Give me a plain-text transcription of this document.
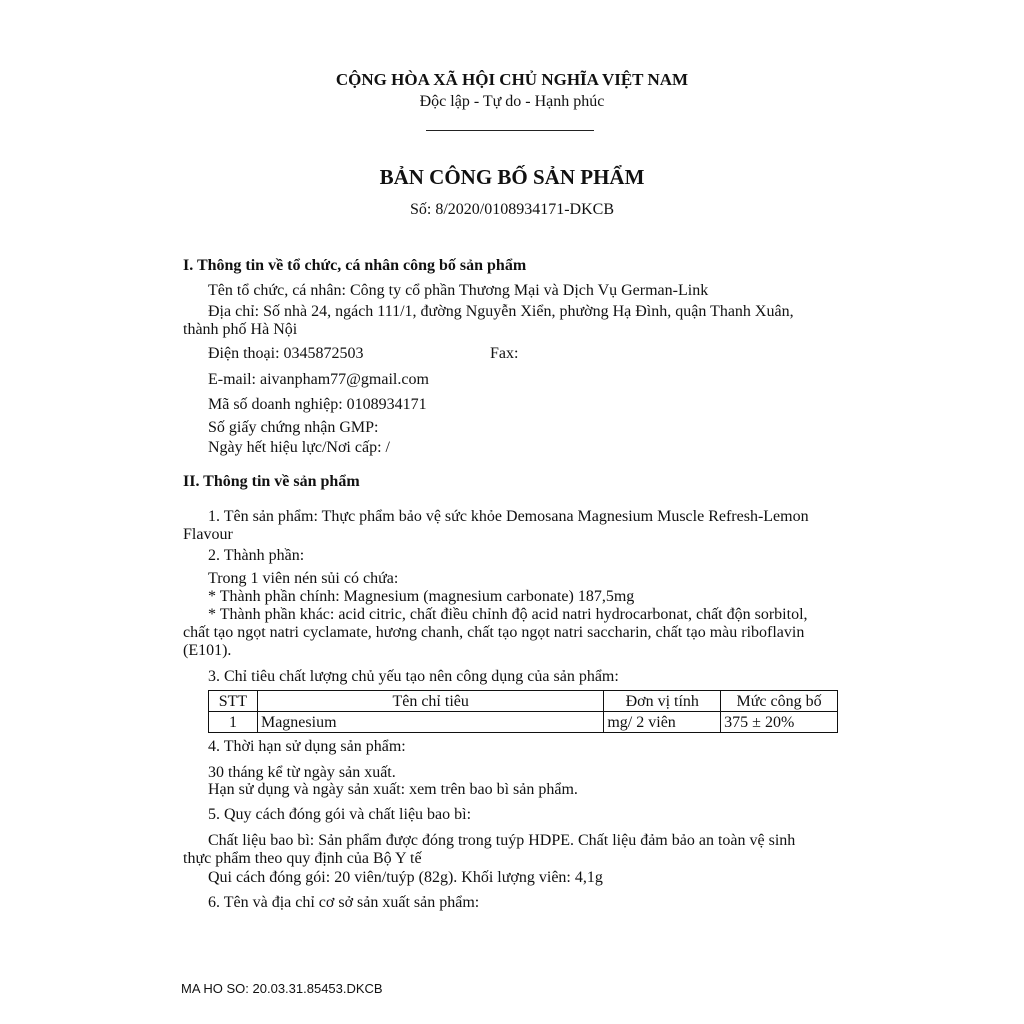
CỘNG HÒA XÃ HỘI CHỦ NGHĨA VIỆT NAM
Độc lập - Tự do - Hạnh phúc
BẢN CÔNG BỐ SẢN PHẨM
Số: 8/2020/0108934171-DKCB
I. Thông tin về tổ chức, cá nhân công bố sản phẩm
Tên tổ chức, cá nhân: Công ty cổ phần Thương Mại và Dịch Vụ German-Link
Địa chỉ: Số nhà 24, ngách 111/1, đường Nguyễn Xiển, phường Hạ Đình, quận Thanh Xuân,
thành phố Hà Nội
Điện thoại: 0345872503	Fax:
E-mail: aivanpham77@gmail.com
Mã số doanh nghiệp: 0108934171
Số giấy chứng nhận GMP:
Ngày hết hiệu lực/Nơi cấp: /
II. Thông tin về sản phẩm
1. Tên sản phẩm: Thực phẩm bảo vệ sức khỏe Demosana Magnesium Muscle Refresh-Lemon
Flavour
2. Thành phần:
Trong 1 viên nén sủi có chứa:
* Thành phần chính: Magnesium (magnesium carbonate) 187,5mg
* Thành phần khác: acid citric, chất điều chỉnh độ acid natri hydrocarbonat, chất độn sorbitol,
chất tạo ngọt natri cyclamate, hương chanh, chất tạo ngọt natri saccharin, chất tạo màu riboflavin
(E101).
3. Chỉ tiêu chất lượng chủ yếu tạo nên công dụng của sản phẩm:
STT	Tên chỉ tiêu	Đơn vị tính	Mức công bố
1	Magnesium	mg/ 2 viên	375 ± 20%
4. Thời hạn sử dụng sản phẩm:
30 tháng kể từ ngày sản xuất.
Hạn sử dụng và ngày sản xuất: xem trên bao bì sản phẩm.
5. Quy cách đóng gói và chất liệu bao bì:
Chất liệu bao bì: Sản phẩm được đóng trong tuýp HDPE. Chất liệu đảm bảo an toàn vệ sinh
thực phẩm theo quy định của Bộ Y tế
Qui cách đóng gói: 20 viên/tuýp (82g). Khối lượng viên: 4,1g
6. Tên và địa chỉ cơ sở sản xuất sản phẩm:
MA HO SO: 20.03.31.85453.DKCB
